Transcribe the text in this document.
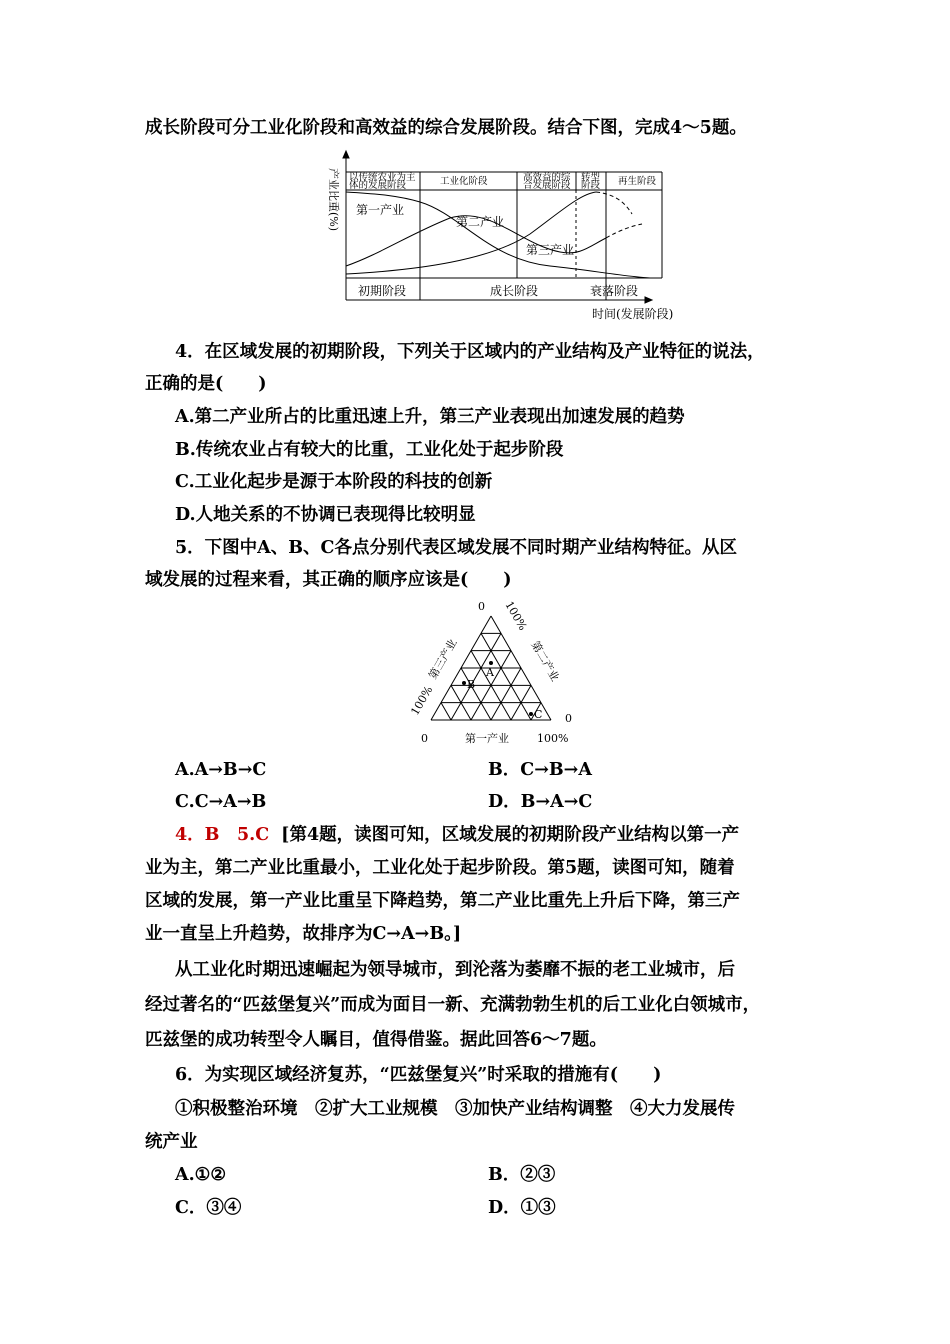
成长阶段可分工业化阶段和高效益的综合发展阶段。结合下图，完成4～5题。
以传统农业为主
体的发展阶段	工业化阶段	高效益的综
合发展阶段
转型
阶段 再生阶段
第一产业
第二产业
第三产业
初期阶段	成长阶段	衰落阶段
时间(发展阶段)
产业比重(%)
4．在区域发展的初期阶段，下列关于区域内的产业结构及产业特征的说法，
正确的是(　　)
A.第二产业所占的比重迅速上升，第三产业表现出加速发展的趋势
B.传统农业占有较大的比重，工业化处于起步阶段
C.工业化起步是源于本阶段的科技的创新
D.人地关系的不协调已表现得比较明显
5．下图中A、B、C各点分别代表区域发展不同时期产业结构特征。从区
域发展的过程来看，其正确的顺序应该是(　　)
0
0
0	第一产业	100%
100%
第二产业
第三产业
100%
A
B
C
A.A→B→C	B．C→B→A
C.C→A→B	D．B→A→C
4．B　5.C [第4题，读图可知，区域发展的初期阶段产业结构以第一产
业为主，第二产业比重最小，工业化处于起步阶段。第5题，读图可知，随着
区域的发展，第一产业比重呈下降趋势，第二产业比重先上升后下降，第三产
业一直呈上升趋势，故排序为C→A→B。]
从工业化时期迅速崛起为领导城市，到沦落为萎靡不振的老工业城市，后
经过著名的“匹兹堡复兴”而成为面目一新、充满勃勃生机的后工业化白领城市，
匹兹堡的成功转型令人瞩目，值得借鉴。据此回答6～7题。
6．为实现区域经济复苏，“匹兹堡复兴”时采取的措施有(　　)
①积极整治环境　②扩大工业规模　③加快产业结构调整　④大力发展传
统产业
A.①②	B．②③
C．③④	D．①③
